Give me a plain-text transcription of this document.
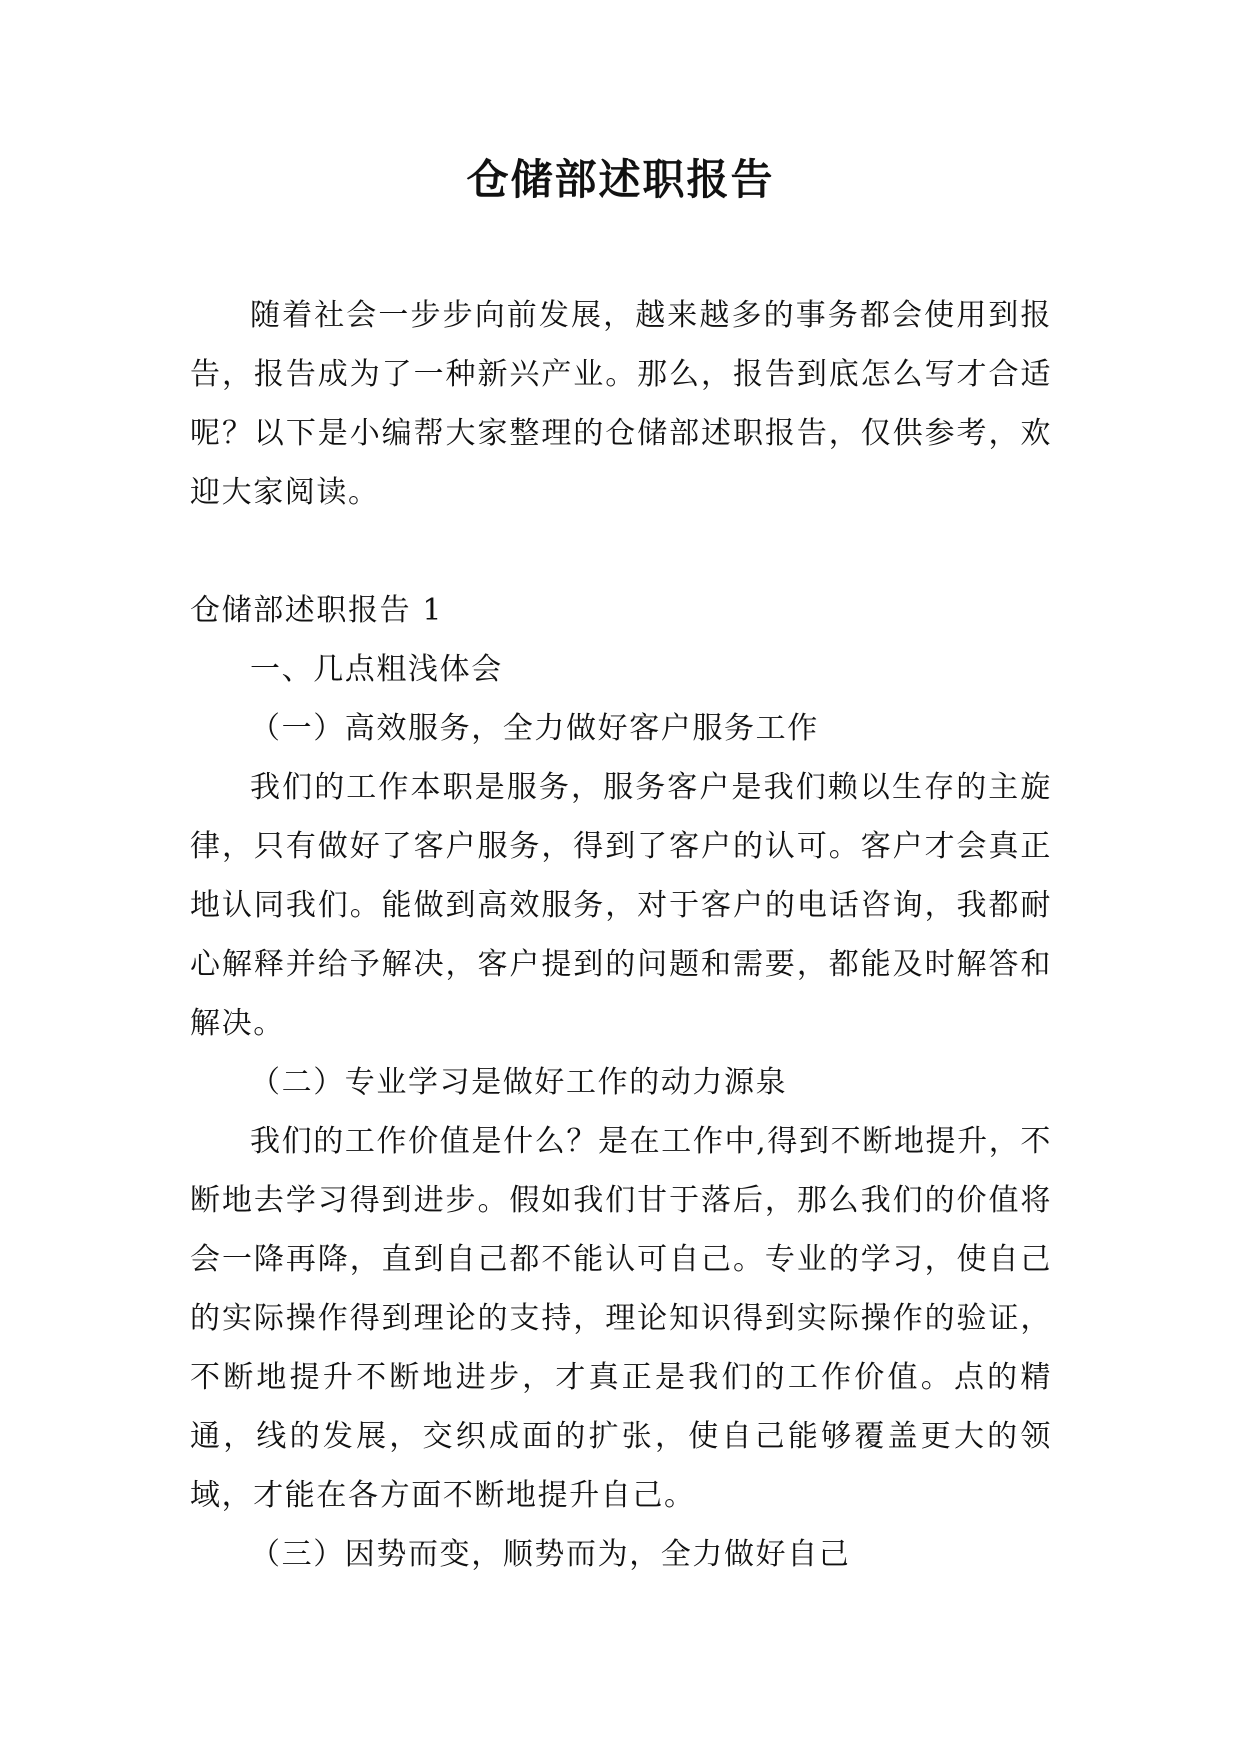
仓储部述职报告

随着社会一步步向前发展，越来越多的事务都会使用到报告，报告成为了一种新兴产业。那么，报告到底怎么写才合适呢？以下是小编帮大家整理的仓储部述职报告，仅供参考，欢迎大家阅读。

仓储部述职报告 1

一、几点粗浅体会

（一）高效服务，全力做好客户服务工作

我们的工作本职是服务，服务客户是我们赖以生存的主旋律，只有做好了客户服务，得到了客户的认可。客户才会真正地认同我们。能做到高效服务，对于客户的电话咨询，我都耐心解释并给予解决，客户提到的问题和需要，都能及时解答和解决。

（二）专业学习是做好工作的动力源泉

我们的工作价值是什么？是在工作中,得到不断地提升，不断地去学习得到进步。假如我们甘于落后，那么我们的价值将会一降再降，直到自己都不能认可自己。专业的学习，使自己的实际操作得到理论的支持，理论知识得到实际操作的验证，不断地提升不断地进步，才真正是我们的工作价值。点的精通，线的发展，交织成面的扩张，使自己能够覆盖更大的领域，才能在各方面不断地提升自己。

（三）因势而变，顺势而为，全力做好自己
